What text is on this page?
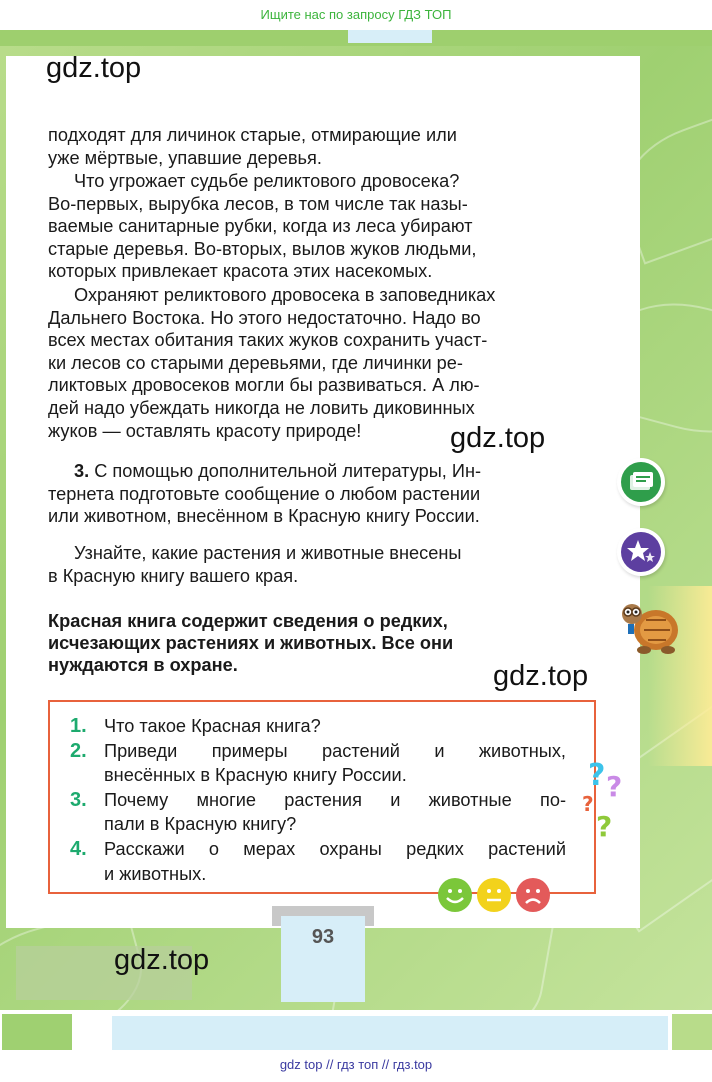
Ищите нас по запросу ГДЗ ТОП
gdz.top
gdz.top
gdz.top

подходят для личинок старые, отмирающие или

уже мёртвые, упавшие деревья.

Что угрожает судьбе реликтового дровосека?

Во-первых, вырубка лесов, в том числе так назы-

ваемые санитарные рубки, когда из леса убирают

старые деревья. Во-вторых, вылов жуков людьми,

которых привлекает красота этих насекомых.

Охраняют реликтового дровосека в заповедниках

Дальнего Востока. Но этого недостаточно. Надо во

всех местах обитания таких жуков сохранить участ-

ки лесов со старыми деревьями, где личинки ре-

ликтовых дровосеков могли бы развиваться. А лю-

дей надо убеждать никогда не ловить диковинных

жуков — оставлять красоту природе!

3. С помощью дополнительной литературы, Ин-

тернета подготовьте сообщение о любом растении

или животном, внесённом в Красную книгу России.

Узнайте, какие растения и животные внесены

в Красную книгу вашего края.

Красная книга содержит сведения о редких,

исчезающих растениях и животных. Все они

нуждаются в охране.

1. Что такое Красная книга?
2. Приведи примеры растений и животных,
внесённых в Красную книгу России.
3. Почему многие растения и животные по-
пали в Красную книгу?
4. Расскажи о мерах охраны редких растений
и животных.
? ?
?
?
93
gdz.top
gdz top // гдз топ // гдз.top
